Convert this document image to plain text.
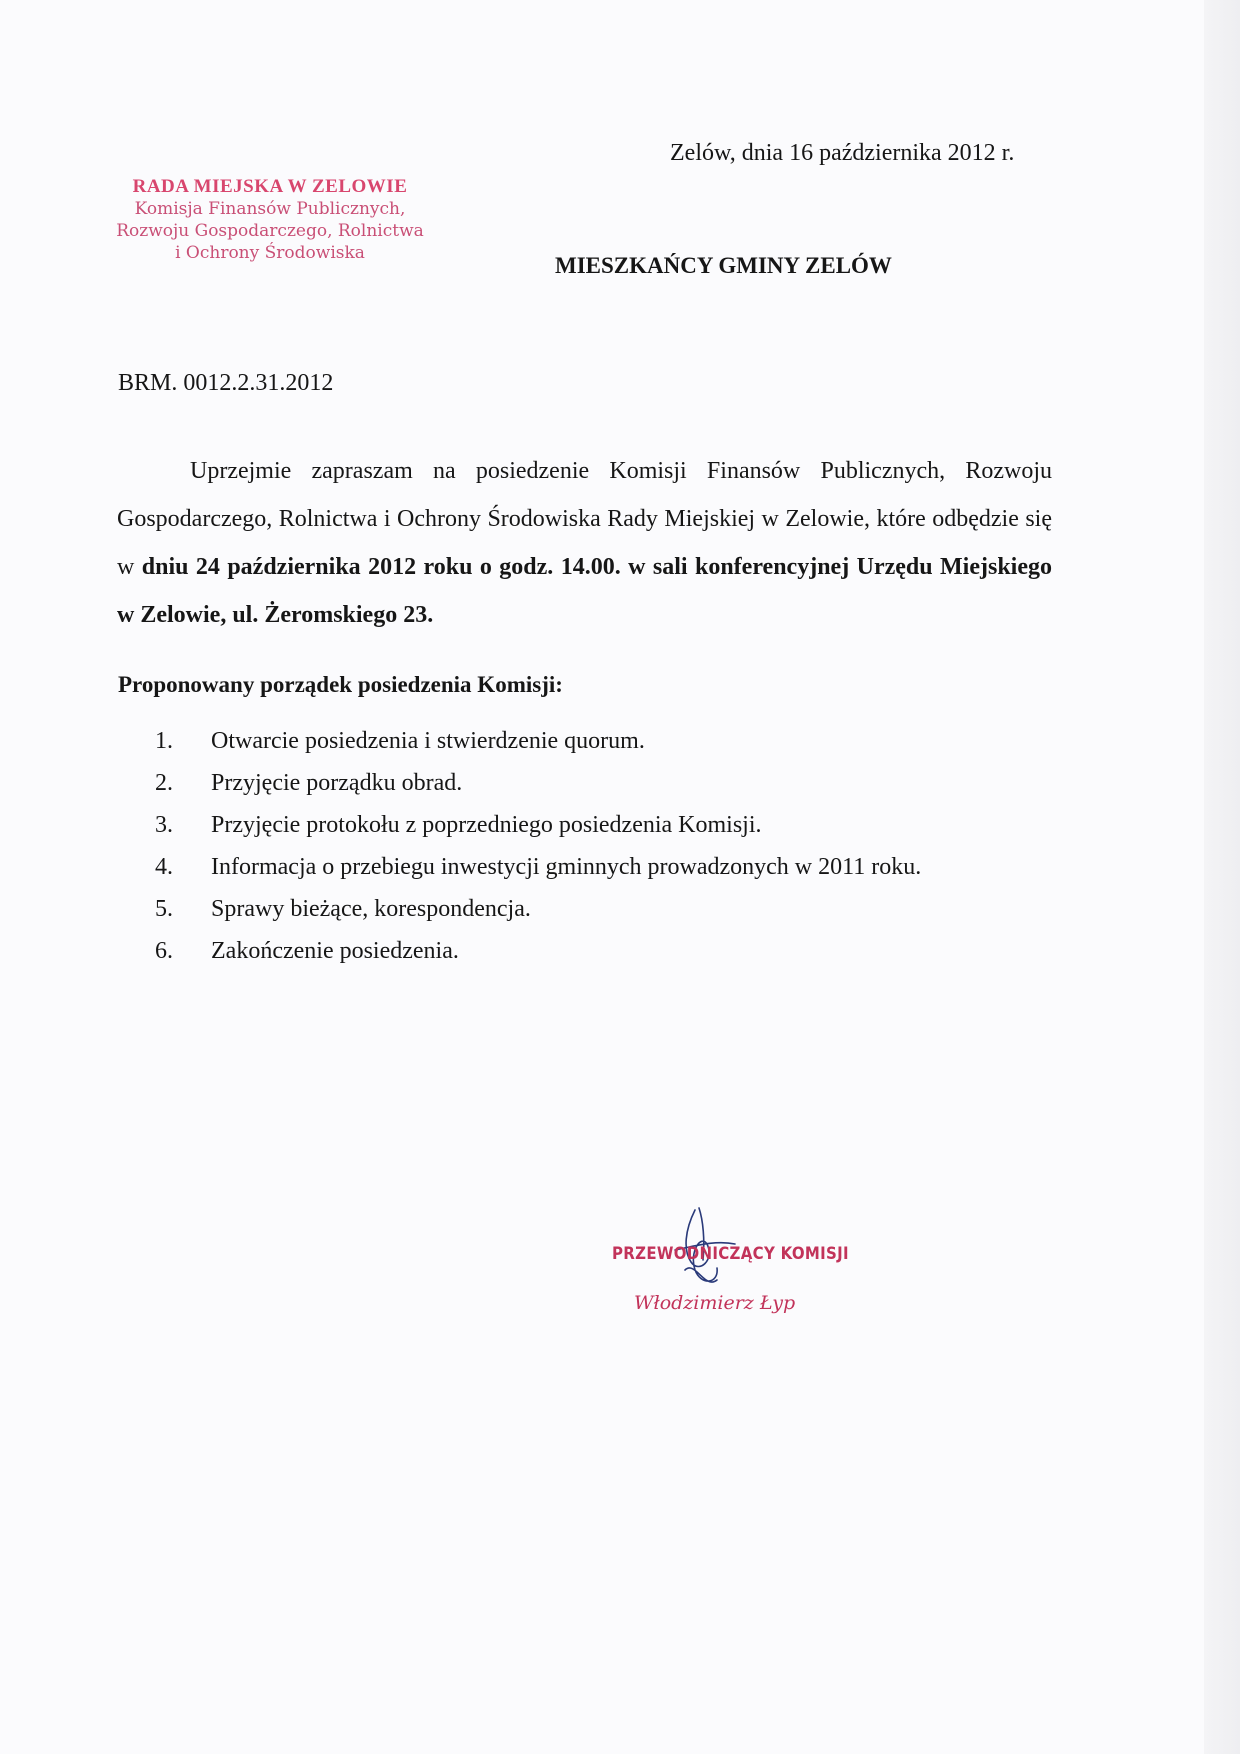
RADA MIEJSKA W ZELOWIE
Komisja Finansów Publicznych,
Rozwoju Gospodarczego, Rolnictwa
i Ochrony Środowiska
Zelów, dnia 16 października 2012 r.
MIESZKAŃCY GMINY ZELÓW
BRM. 0012.2.31.2012
Uprzejmie zapraszam na posiedzenie Komisji Finansów Publicznych, Rozwoju Gospodarczego, Rolnictwa i Ochrony Środowiska Rady Miejskiej w Zelowie, które odbędzie się w dniu 24 października 2012 roku o godz. 14.00. w sali konferencyjnej Urzędu Miejskiego w Zelowie, ul. Żeromskiego 23.
Proponowany porządek posiedzenia Komisji:
1.	Otwarcie posiedzenia i stwierdzenie quorum.
2.	Przyjęcie porządku obrad.
3.	Przyjęcie protokołu z poprzedniego posiedzenia Komisji.
4.	Informacja o przebiegu inwestycji gminnych prowadzonych w 2011 roku.
5.	Sprawy bieżące, korespondencja.
6.	Zakończenie posiedzenia.
PRZEWODNICZĄCY KOMISJI
Włodzimierz Łyp
